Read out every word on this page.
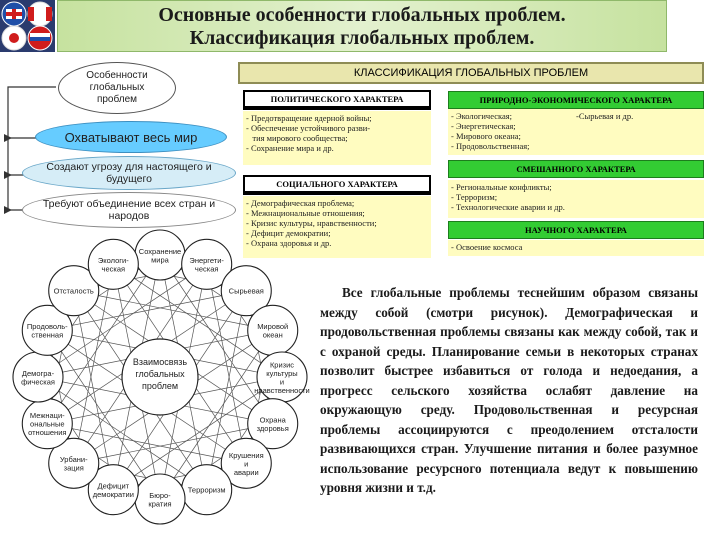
Основные особенности глобальных проблем.
Классификация глобальных проблем.
Особенности глобальных проблем
Охватывают весь мир
Создают угрозу для настоящего и будущего
Требуют объединение всех стран и народов
КЛАССИФИКАЦИЯ ГЛОБАЛЬНЫХ ПРОБЛЕМ
ПОЛИТИЧЕСКОГО ХАРАКТЕРА
- Предотвращение ядерной войны;
- Обеспечение устойчивого разви-
тия мирового сообщества;
- Сохранение мира и др.
СОЦИАЛЬНОГО ХАРАКТЕРА
- Демографическая проблема;
- Межнациональные отношения;
- Кризис культуры, нравственности;
- Дефицит демократии;
- Охрана здоровья и др.
ПРИРОДНО-ЭКОНОМИЧЕСКОГО ХАРАКТЕРА
- Экологическая;
- Энергетическая;
- Мирового океана;
- Продовольственная;
-Сырьевая и др.
СМЕШАННОГО ХАРАКТЕРА
- Региональные конфликты;
- Терроризм;
- Технологические аварии и др.
НАУЧНОГО ХАРАКТЕРА
- Освоение космоса
Взаимосвязь
глобальных
проблем
Сохранение
мира	Энергети-
ческая
Сырьевая
Мировой
океан
Кризис
культуры
и
нравственности
Охрана
здоровья
Крушения
и
аварии
Терроризм
Бюро-
кратия
Дефицит
демократии
Урбани-
зация
Межнаци-
ональные
отношения
Демогра-
фическая
Продоволь-
ственная
Отсталость
Экологи-
ческая
Все глобальные проблемы теснейшим образом связаны между собой (смотри рисунок). Демографическая и продовольственная проблемы связаны как между собой, так и с охраной среды. Планирование семьи в некоторых странах позволит быстрее избавиться от голода и недоедания, а прогресс сельского хозяйства ослабят давление на окружающую среду. Продовольственная и ресурсная проблемы ассоциируются с преодолением отсталости развивающихся стран. Улучшение питания и более разумное использование ресурсного потенциала ведут к повышению уровня жизни и т.д.
